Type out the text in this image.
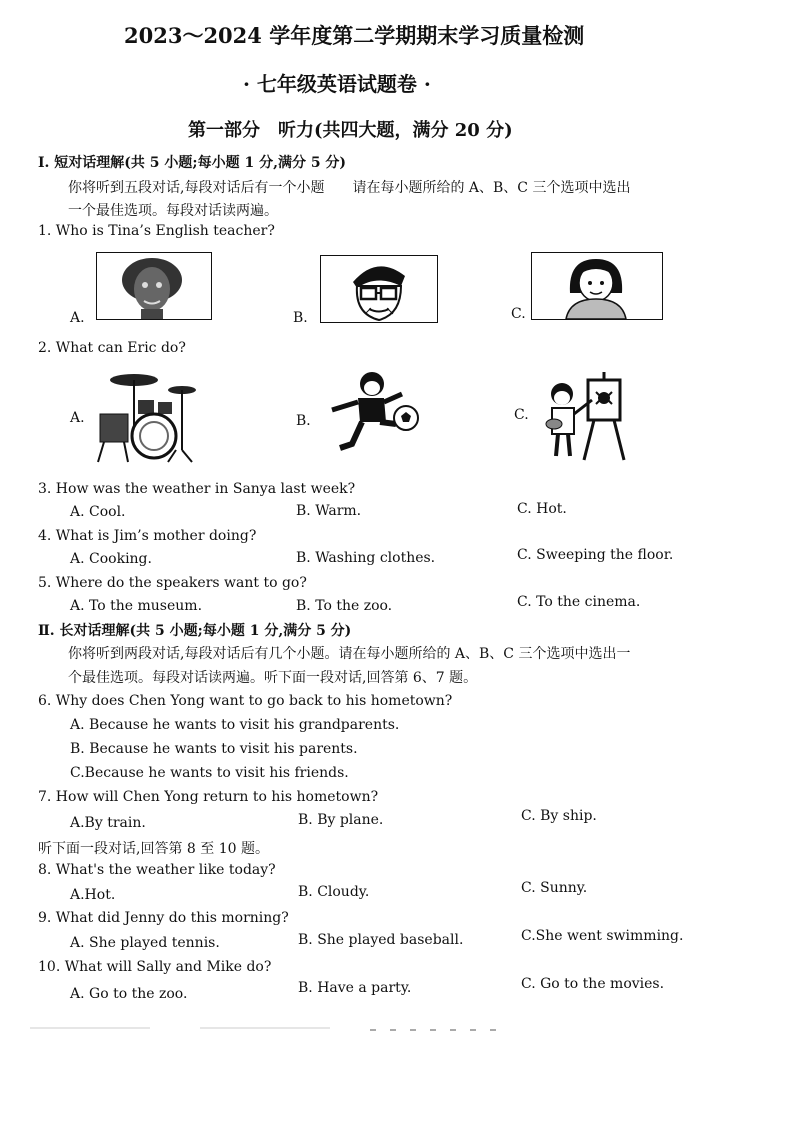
2023～2024 学年度第二学期期末学习质量检测
· 七年级英语试题卷 ·
第一部分　听力(共四大题，满分 20 分)
I. 短对话理解(共 5 小题;每小题 1 分,满分 5 分)
你将听到五段对话,每段对话后有一个小题　　请在每小题所给的 A、B、C 三个选项中选出
一个最佳选项。每段对话读两遍。
1. Who is Tina’s English teacher?
A.	B.	C.
2. What can Eric do?
A.	B．	C.
3. How was the weather in Sanya last week?
A. Cool.	B. Warm.	C. Hot.
4. What is Jim’s mother doing?
A. Cooking.	B. Washing clothes.	C. Sweeping the floor.
5. Where do the speakers want to go?
A. To the museum.	B. To the zoo.	C. To the cinema.
Ⅱ. 长对话理解(共 5 小题;每小题 1 分,满分 5 分)
你将听到两段对话,每段对话后有几个小题。请在每小题所给的 A、B、C 三个选项中选出一
个最佳选项。每段对话读两遍。听下面一段对话,回答第 6、7 题。
6. Why does Chen Yong want to go back to his hometown?
A. Because he wants to visit his grandparents.
B. Because he wants to visit his parents.
C.Because he wants to visit his friends.
7. How will Chen Yong return to his hometown?
A.By train.	B. By plane.	C. By ship.
听下面一段对话,回答第 8 至 10 题。
8. What's the weather like today?
A.Hot.	B. Cloudy.	C. Sunny.
9. What did Jenny do this morning?
A. She played tennis.	B. She played baseball.	C.She went swimming.
10. What will Sally and Mike do?
A. Go to the zoo.	B. Have a party.	C. Go to the movies.
